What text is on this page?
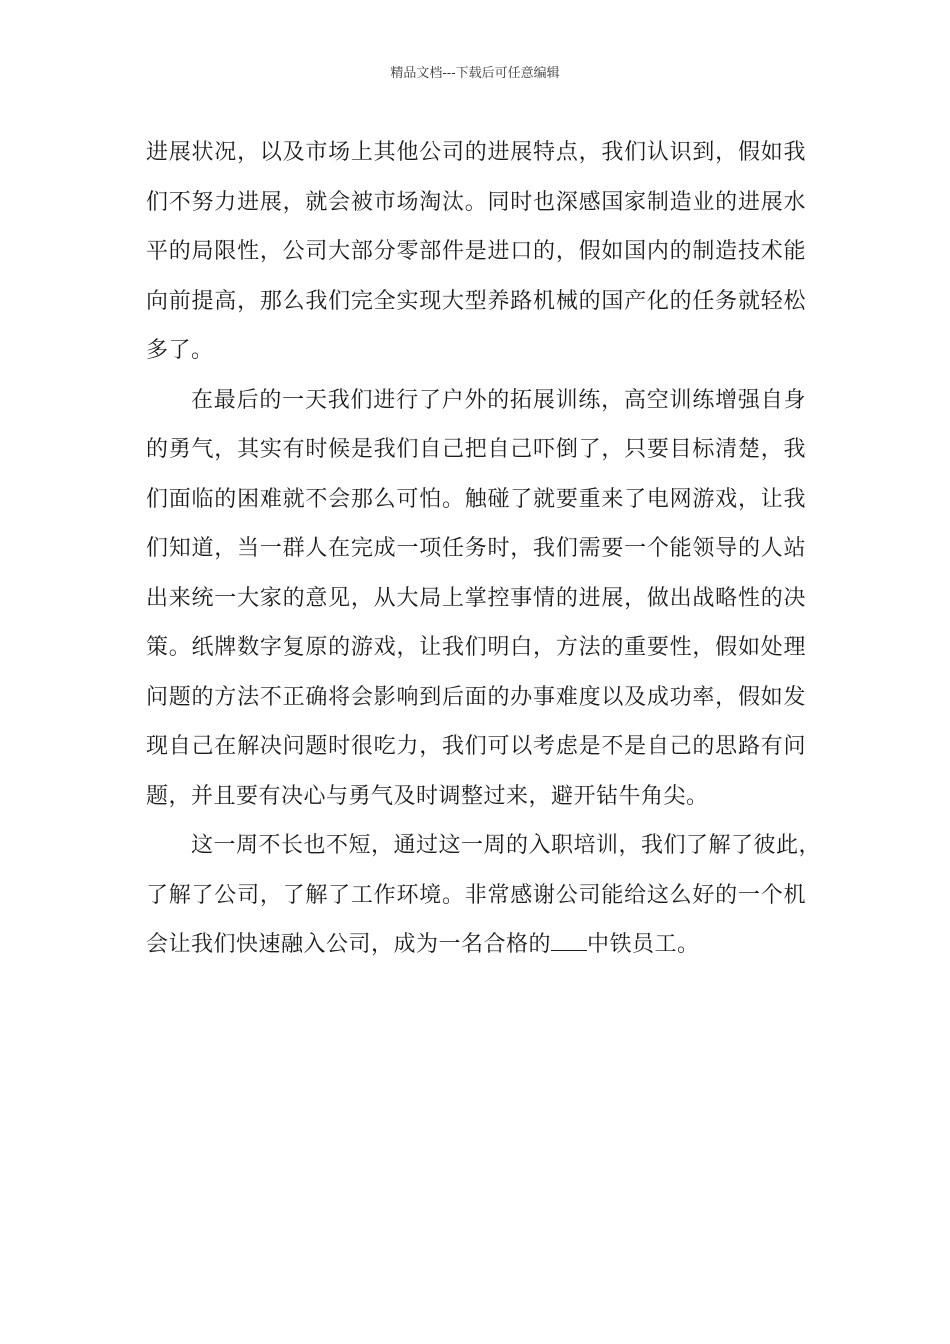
精品文档---下载后可任意编辑
进展状况，以及市场上其他公司的进展特点，我们认识到，假如我
们不努力进展，就会被市场淘汰。同时也深感国家制造业的进展水
平的局限性，公司大部分零部件是进口的，假如国内的制造技术能
向前提高，那么我们完全实现大型养路机械的国产化的任务就轻松
多了。
在最后的一天我们进行了户外的拓展训练，高空训练增强自身
的勇气，其实有时候是我们自己把自己吓倒了，只要目标清楚，我
们面临的困难就不会那么可怕。触碰了就要重来了电网游戏，让我
们知道，当一群人在完成一项任务时，我们需要一个能领导的人站
出来统一大家的意见，从大局上掌控事情的进展，做出战略性的决
策。纸牌数字复原的游戏，让我们明白，方法的重要性，假如处理
问题的方法不正确将会影响到后面的办事难度以及成功率，假如发
现自己在解决问题时很吃力，我们可以考虑是不是自己的思路有问
题，并且要有决心与勇气及时调整过来，避开钻牛角尖。
这一周不长也不短，通过这一周的入职培训，我们了解了彼此，
了解了公司，了解了工作环境。非常感谢公司能给这么好的一个机
会让我们快速融入公司，成为一名合格的 中铁员工。
